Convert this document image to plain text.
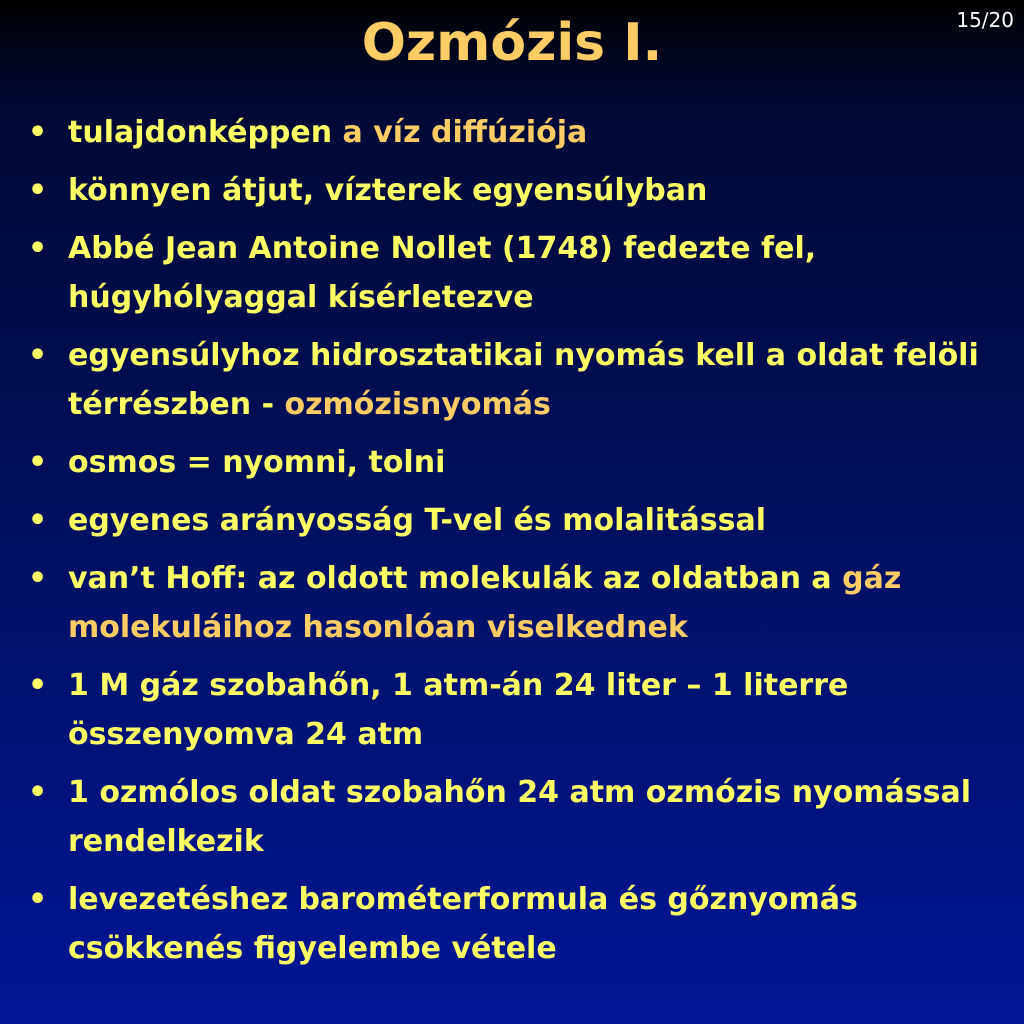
15/20
Ozmózis I.
• tulajdonképpen a víz diffúziója
• könnyen átjut, vízterek egyensúlyban
• Abbé Jean Antoine Nollet (1748) fedezte fel, húgyhólyaggal kísérletezve
• egyensúlyhoz hidrosztatikai nyomás kell a oldat felöli térrészben - ozmózisnyomás
• osmos = nyomni, tolni
• egyenes arányosság T-vel és molalitással
• van’t Hoff: az oldott molekulák az oldatban a gáz molekuláihoz hasonlóan viselkednek
• 1 M gáz szobahőn, 1 atm-án 24 liter – 1 literre összenyomva 24 atm
• 1 ozmólos oldat szobahőn 24 atm ozmózis nyomással rendelkezik
• levezetéshez barométerformula és gőznyomás csökkenés figyelembe vétele
